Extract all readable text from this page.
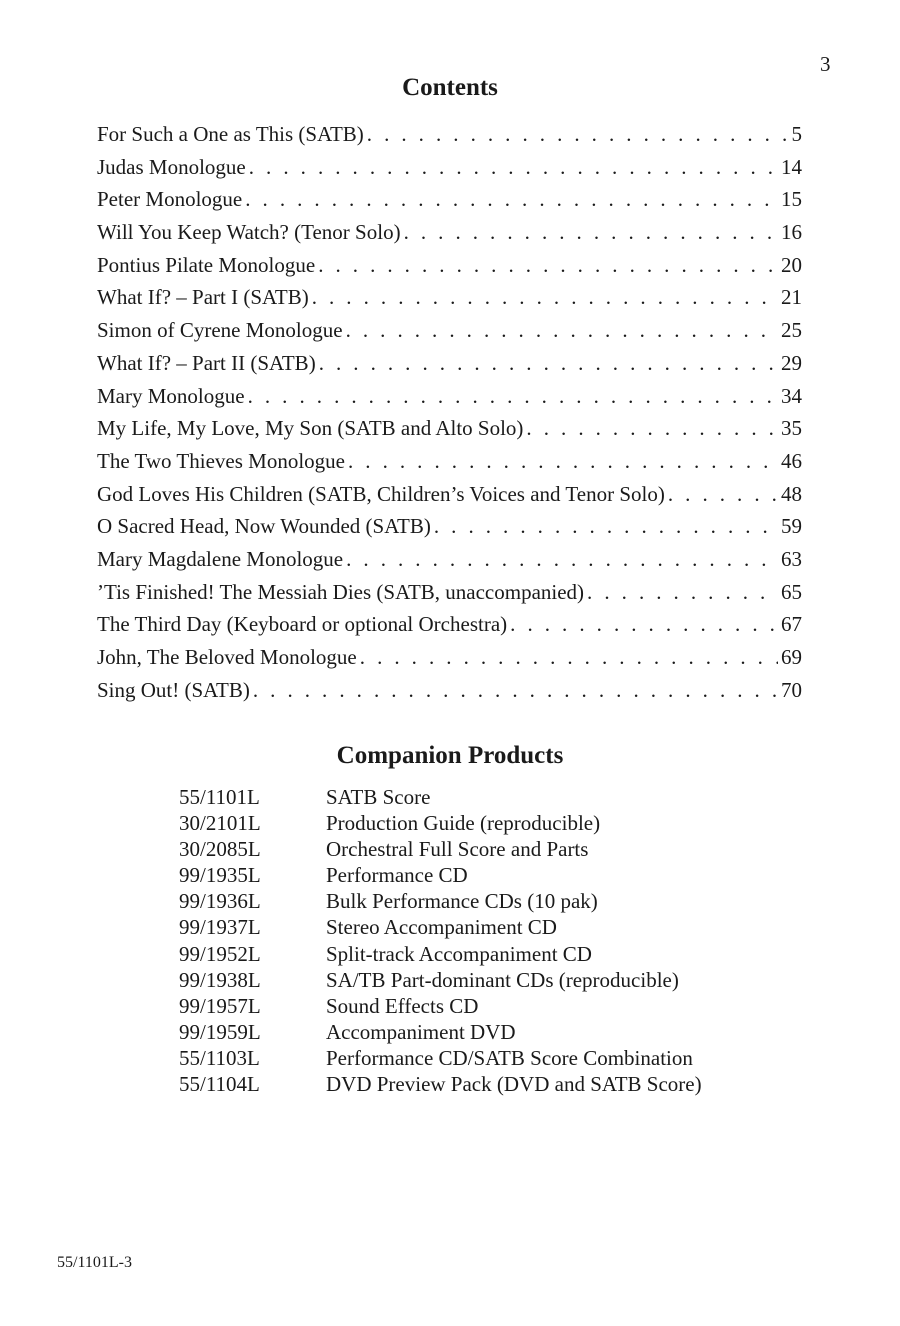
3
Contents
For Such a One as This (SATB) . . .	5
Judas Monologue . . .	14
Peter Monologue . . .	15
Will You Keep Watch? (Tenor Solo) . . .	16
Pontius Pilate Monologue . . .	20
What If? – Part I (SATB) . . .	21
Simon of Cyrene Monologue . . .	25
What If? – Part II (SATB) . . .	29
Mary Monologue . . .	34
My Life, My Love, My Son (SATB and Alto Solo) . . .	35
The Two Thieves Monologue . . .	46
God Loves His Children (SATB, Children’s Voices and Tenor Solo) . . .	48
O Sacred Head, Now Wounded (SATB) . . .	59
Mary Magdalene Monologue . . .	63
’Tis Finished! The Messiah Dies (SATB, unaccompanied) . . .	65
The Third Day (Keyboard or optional Orchestra) . . .	67
John, The Beloved Monologue . . .	69
Sing Out! (SATB) . . .	70
Companion Products
55/1101L	SATB Score
30/2101L	Production Guide (reproducible)
30/2085L	Orchestral Full Score and Parts
99/1935L	Performance CD
99/1936L	Bulk Performance CDs (10 pak)
99/1937L	Stereo Accompaniment CD
99/1952L	Split-track Accompaniment CD
99/1938L	SA/TB Part-dominant CDs (reproducible)
99/1957L	Sound Effects CD
99/1959L	Accompaniment DVD
55/1103L	Performance CD/SATB Score Combination
55/1104L	DVD Preview Pack (DVD and SATB Score)
55/1101L-3
